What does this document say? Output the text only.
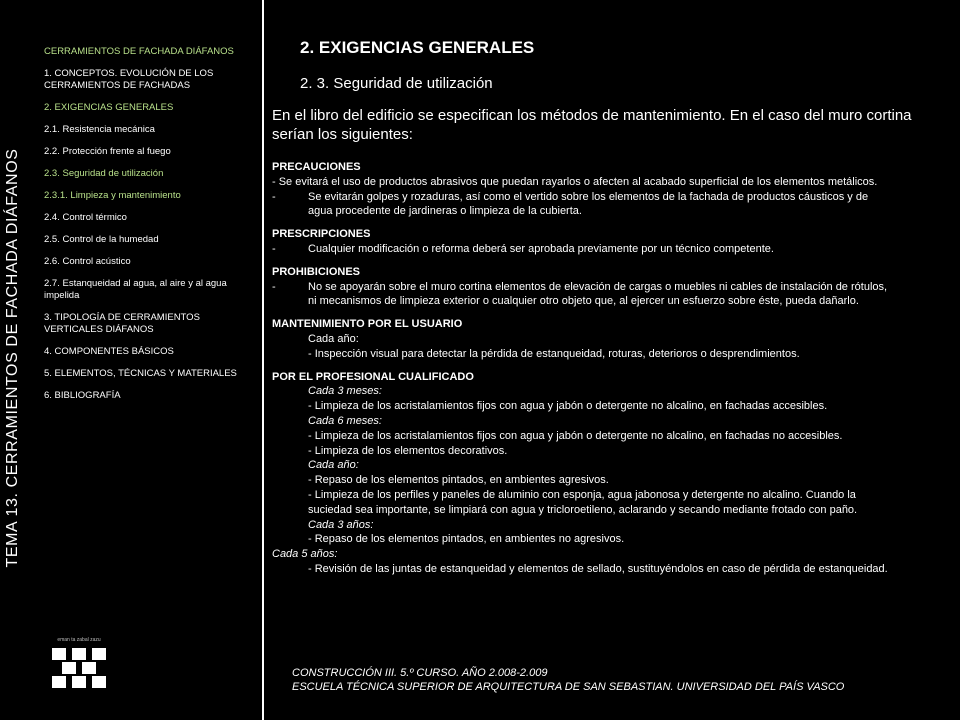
TEMA 13. CERRAMIENTOS DE FACHADA DIÁFANOS
CERRAMIENTOS DE FACHADA DIÁFANOS
1. CONCEPTOS. EVOLUCIÓN DE LOS CERRAMIENTOS DE FACHADAS
2. EXIGENCIAS GENERALES
2.1. Resistencia mecánica
2.2. Protección frente al fuego
2.3. Seguridad de utilización
2.3.1. Limpieza y mantenimiento
2.4. Control térmico
2.5. Control de la humedad
2.6. Control acústico
2.7. Estanqueidad al agua, al aire y al agua impelida
3. TIPOLOGÍA DE CERRAMIENTOS VERTICALES DIÁFANOS
4. COMPONENTES BÁSICOS
5. ELEMENTOS, TÉCNICAS Y MATERIALES
6. BIBLIOGRAFÍA
eman ta zabal zazu
2. EXIGENCIAS GENERALES
2. 3. Seguridad de utilización
En el libro del edificio se especifican los métodos de mantenimiento. En el caso del muro cortina serían los siguientes:
PRECAUCIONES
- Se evitará el uso de productos abrasivos que puedan rayarlos o afecten al acabado superficial de los elementos metálicos.
-	Se evitarán golpes y rozaduras, así como el vertido sobre los elementos de la fachada de productos cáusticos y de
agua procedente de jardineras o limpieza de la cubierta.
PRESCRIPCIONES
-	Cualquier modificación o reforma deberá ser aprobada previamente por un técnico competente.
PROHIBICIONES
-	No se apoyarán sobre el muro cortina elementos de elevación de cargas o muebles ni cables de instalación de rótulos,
ni mecanismos de limpieza exterior o cualquier otro objeto que, al ejercer un esfuerzo sobre éste, pueda dañarlo.
MANTENIMIENTO POR EL USUARIO
Cada año:
- Inspección visual para detectar la pérdida de estanqueidad, roturas, deterioros o desprendimientos.
POR EL PROFESIONAL CUALIFICADO
Cada 3 meses:
- Limpieza de los acristalamientos fijos con agua y jabón o detergente no alcalino, en fachadas accesibles.
Cada 6 meses:
- Limpieza de los acristalamientos fijos con agua y jabón o detergente no alcalino, en fachadas no accesibles.
- Limpieza de los elementos decorativos.
Cada año:
- Repaso de los elementos pintados, en ambientes agresivos.
- Limpieza de los perfiles y paneles de aluminio con esponja, agua jabonosa y detergente no alcalino. Cuando la
suciedad sea importante, se limpiará con agua y tricloroetileno, aclarando y secando mediante frotado con paño.
Cada 3 años:
- Repaso de los elementos pintados, en ambientes no agresivos.
Cada 5 años:
- Revisión de las juntas de estanqueidad y elementos de sellado, sustituyéndolos en caso de pérdida de estanqueidad.
CONSTRUCCIÓN III. 5.º CURSO. AÑO 2.008-2.009
ESCUELA TÉCNICA SUPERIOR DE ARQUITECTURA DE SAN SEBASTIAN. UNIVERSIDAD DEL PAÍS VASCO
